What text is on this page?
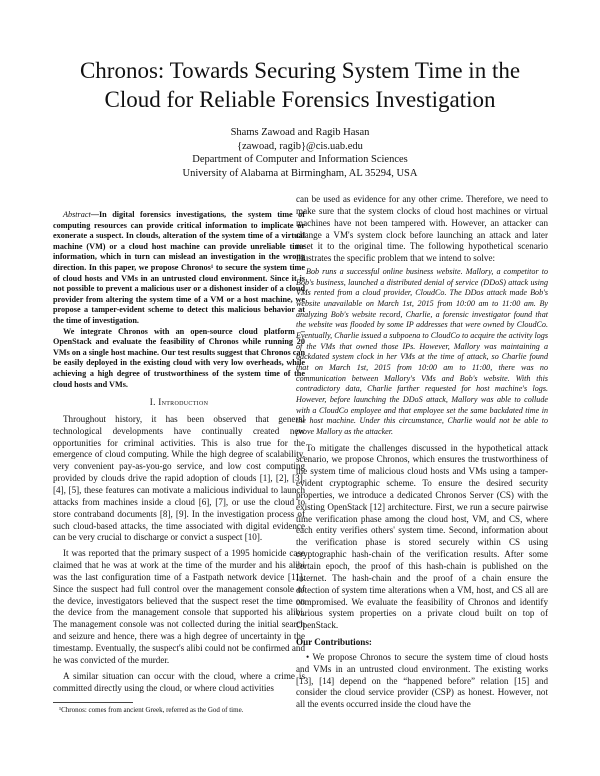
Chronos: Towards Securing System Time in the
Cloud for Reliable Forensics Investigation
Shams Zawoad and Ragib Hasan
{zawoad, ragib}@cis.uab.edu
Department of Computer and Information Sciences
University of Alabama at Birmingham, AL 35294, USA

Abstract—In digital forensics investigations, the system time of computing resources can provide critical information to implicate or exonerate a suspect. In clouds, alteration of the system time of a virtual machine (VM) or a cloud host machine can provide unreliable time information, which in turn can mislead an investigation in the wrong direction. In this paper, we propose Chronos¹ to secure the system time of cloud hosts and VMs in an untrusted cloud environment. Since it is not possible to prevent a malicious user or a dishonest insider of a cloud provider from altering the system time of a VM or a host machine, we propose a tamper-evident scheme to detect this malicious behavior at the time of investigation.

We integrate Chronos with an open-source cloud platform – OpenStack and evaluate the feasibility of Chronos while running 20 VMs on a single host machine. Our test results suggest that Chronos can be easily deployed in the existing cloud with very low overheads, while achieving a high degree of trustworthiness of the system time of the cloud hosts and VMs.

I. Introduction

Throughout history, it has been observed that general technological developments have continually created new opportunities for criminal activities. This is also true for the emergence of cloud computing. While the high degree of scalability, very convenient pay-as-you-go service, and low cost computing provided by clouds drive the rapid adoption of clouds [1], [2], [3], [4], [5], these features can motivate a malicious individual to launch attacks from machines inside a cloud [6], [7], or use the cloud to store contraband documents [8], [9]. In the investigation process of such cloud-based attacks, the time associated with digital evidence can be very crucial to discharge or convict a suspect [10].

It was reported that the primary suspect of a 1995 homicide case claimed that he was at work at the time of the murder and his alibi was the last configuration time of a Fastpath network device [11]. Since the suspect had full control over the management console of the device, investigators believed that the suspect reset the time on the device from the management console that supported his alibi. The management console was not collected during the initial search and seizure and hence, there was a high degree of uncertainty in the timestamp. Eventually, the suspect's alibi could not be confirmed and he was convicted of the murder.

A similar situation can occur with the cloud, where a crime is committed directly using the cloud, or where cloud activities

¹Chronos: comes from ancient Greek, referred as the God of time.

can be used as evidence for any other crime. Therefore, we need to make sure that the system clocks of cloud host machines or virtual machines have not been tampered with. However, an attacker can change a VM's system clock before launching an attack and later reset it to the original time. The following hypothetical scenario illustrates the specific problem that we intend to solve:

Bob runs a successful online business website. Mallory, a competitor to Bob's business, launched a distributed denial of service (DDoS) attack using VMs rented from a cloud provider, CloudCo. The DDos attack made Bob's website unavailable on March 1st, 2015 from 10:00 am to 11:00 am. By analyzing Bob's website record, Charlie, a forensic investigator found that the website was flooded by some IP addresses that were owned by CloudCo. Eventually, Charlie issued a subpoena to CloudCo to acquire the activity logs of the VMs that owned those IPs. However, Mallory was maintaining a backdated system clock in her VMs at the time of attack, so Charlie found that on March 1st, 2015 from 10:00 am to 11:00, there was no communication between Mallory's VMs and Bob's website. With this contradictory data, Charlie farther requested for host machine's logs. However, before launching the DDoS attack, Mallory was able to collude with a CloudCo employee and that employee set the same backdated time in the host machine. Under this circumstance, Charlie would not be able to prove Mallory as the attacker.

To mitigate the challenges discussed in the hypothetical attack scenario, we propose Chronos, which ensures the trustworthiness of the system time of malicious cloud hosts and VMs using a tamper-evident cryptographic scheme. To ensure the desired security properties, we introduce a dedicated Chronos Server (CS) with the existing OpenStack [12] architecture. First, we run a secure pairwise time verification phase among the cloud host, VM, and CS, where each entity verifies others' system time. Second, information about the verification phase is stored securely within CS using cryptographic hash-chain of the verification results. After some certain epoch, the proof of this hash-chain is published on the Internet. The hash-chain and the proof of a chain ensure the detection of system time alterations when a VM, host, and CS all are compromised. We evaluate the feasibility of Chronos and identify various system properties on a private cloud built on top of OpenStack.

Our Contributions:

• We propose Chronos to secure the system time of cloud hosts and VMs in an untrusted cloud environment. The existing works [13], [14] depend on the “happened before” relation [15] and consider the cloud service provider (CSP) as honest. However, not all the events occurred inside the cloud have the
